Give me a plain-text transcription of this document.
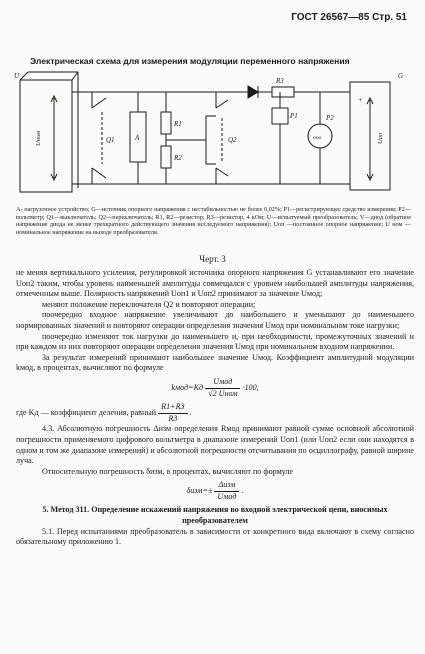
ГОСТ 26567—85 Стр. 51
Электрическая схема для измерения модуляции переменного напряжения
U	G
Q1	A
R1
R2
Q2
R3
P1	P2
+
Uном	Uоп
ооо
A- нагрузочное устройство; G—источник опорного напряжения с нестабильностью не более 0,02%; P1—регистрирующее средство измерения; P2—вольтметр; Q1—выключатель; Q2—переключатель; R1, R2—резистор; R3—резистор, 4 кОм; U—испытуемый преобразователь; V—диод (обратное напряжение диода не менее трехкратного действующего значения исследуемого напряжения); Uоп —постоянное опорное напряжение; U ном —номинальное напряжение на выходе преобразователя.
Черт. 3

не меняя вертикального усиления, регулировкой источника опорного напряжения G устанавливают его значение Uоп2 таким, чтобы уровень наименьшей амплитуды совмещался с уровнем наибольшей амплитуды напряжения, отмеченным выше. Полярность напряжений Uоп1 и Uоп2 принимают за значение Uмод;

меняют положение переключателя Q2 и повторяют операции;

поочередно входное напряжение увеличивают до наибольшего и уменьшают до наименьшего нормированных значений и повторяют операции определения значения Uмод при номинальном токе нагрузки;

поочередно изменяют ток нагрузки до наименьшего и, при необходимости, промежуточных значений и при каждом из них повторяют операции определения значения Uмод при номинальном входном напряжении.

За результат измерений принимают наибольшее значение Uмод. Коэффициент амплитудной модуляции kмод, в процентах, вычисляют по формуле

kмод=Kд $\frac{\text{Uмод}}{\text{√2 Uном}} \cdot 100$,

где Kд — коэффициент деления, равный $\frac{R1+R3}{R3}$ .

4.3. Абсолютную погрешность Δизм определения Rмод принимают равной сумме основной абсолютной погрешности применяемого цифрового вольтметра в диапазоне измерений Uоп1 (или Uоп2 если они находятся в одном и том же диапазоне измерений) и абсолютной погрешности отсчитывания по осциллографу, равной ширине луча.

Относительную погрешность δизм, в процентах, вычисляют по формуле

$\delta изм=\pm \frac{\text{Δизм}}{\text{Uмод}}$ .

5. Метод 311. Определение искажений напряжения во входной электрической цепи, вносимых преобразователем

5.1. Перед испытаниями преобразователь в зависимости от конкретного вида включают в схему согласно обязательному приложению 1.
